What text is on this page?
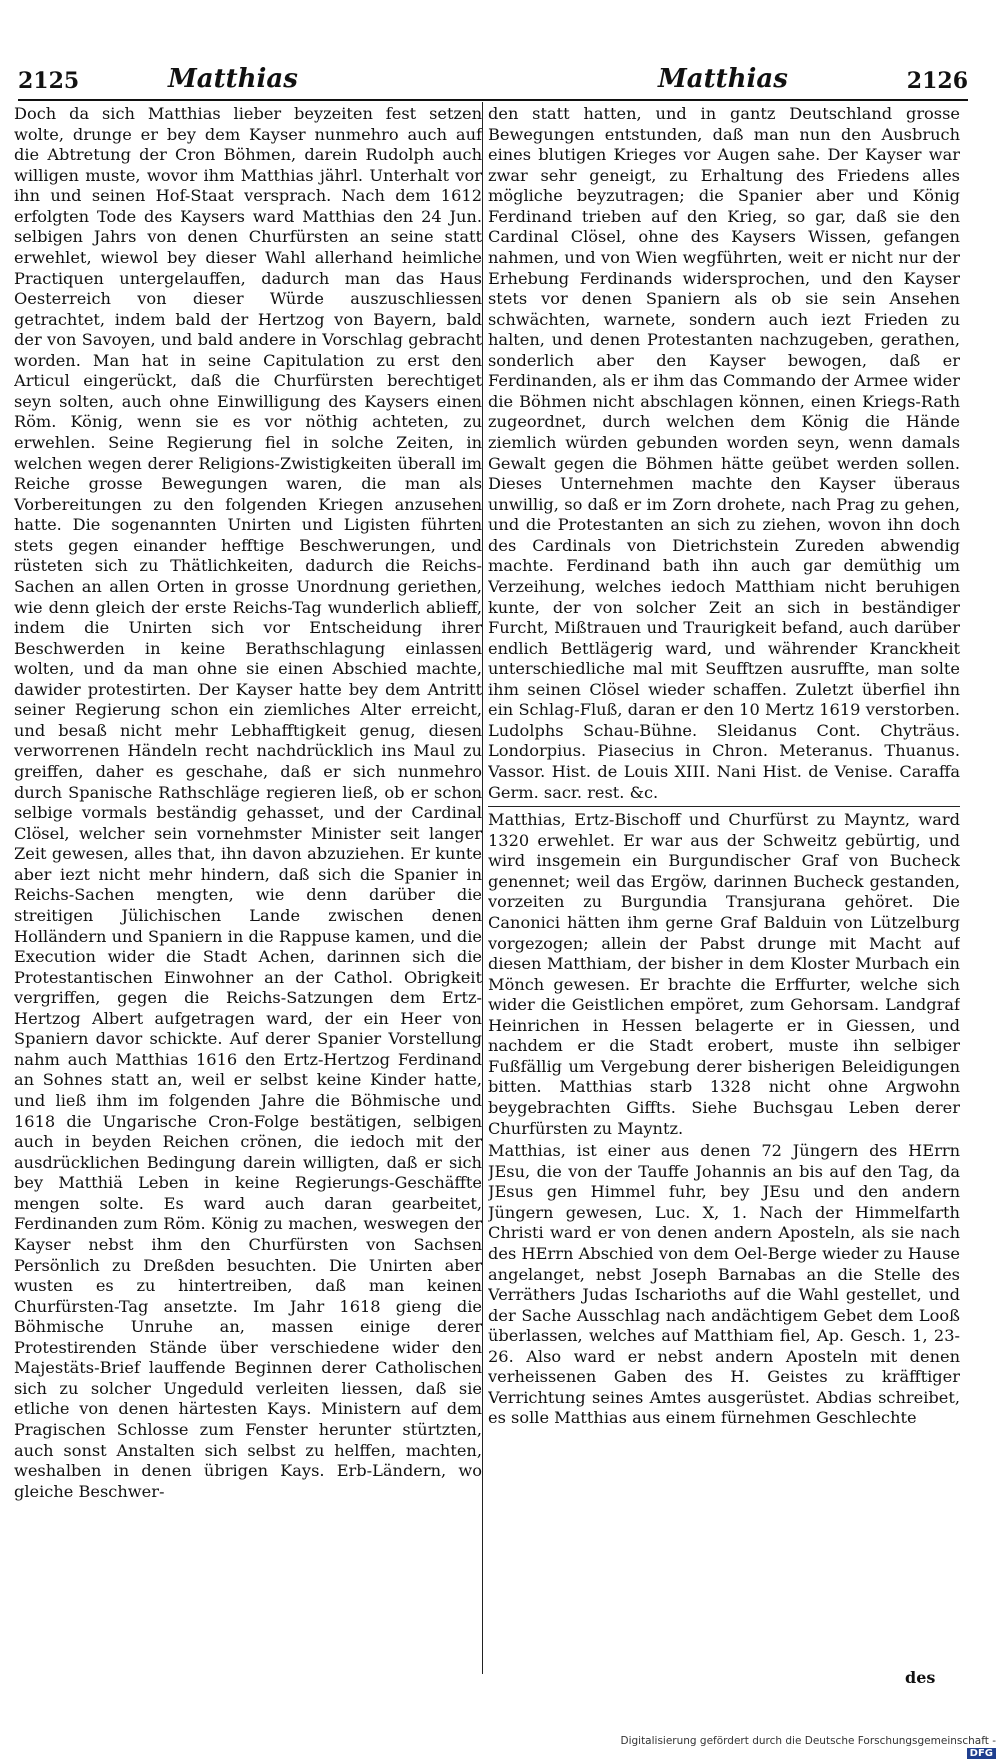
2125	Matthias	Matthias	2126

Doch da sich Matthias lieber beyzeiten fest setzen wolte, drunge er bey dem Kayser nunmehro auch auf die Abtretung der Cron Böhmen, darein Rudolph auch willigen muste, wovor ihm Matthias jährl. Unterhalt vor ihn und seinen Hof-Staat versprach. Nach dem 1612 erfolgten Tode des Kaysers ward Matthias den 24 Jun. selbigen Jahrs von denen Churfürsten an seine statt erwehlet, wiewol bey dieser Wahl allerhand heimliche Practiquen untergelauffen, dadurch man das Haus Oesterreich von dieser Würde auszuschliessen getrachtet, indem bald der Hertzog von Bayern, bald der von Savoyen, und bald andere in Vorschlag gebracht worden. Man hat in seine Capitulation zu erst den Articul eingerückt, daß die Churfürsten berechtiget seyn solten, auch ohne Einwilligung des Kaysers einen Röm. König, wenn sie es vor nöthig achteten, zu erwehlen. Seine Regierung fiel in solche Zeiten, in welchen wegen derer Religions-Zwistigkeiten überall im Reiche grosse Bewegungen waren, die man als Vorbereitungen zu den folgenden Kriegen anzusehen hatte. Die sogenannten Unirten und Ligisten führten stets gegen einander hefftige Beschwerungen, und rüsteten sich zu Thätlichkeiten, dadurch die Reichs-Sachen an allen Orten in grosse Unordnung geriethen, wie denn gleich der erste Reichs-Tag wunderlich ablieff, indem die Unirten sich vor Entscheidung ihrer Beschwerden in keine Berathschlagung einlassen wolten, und da man ohne sie einen Abschied machte, dawider protestirten. Der Kayser hatte bey dem Antritt seiner Regierung schon ein ziemliches Alter erreicht, und besaß nicht mehr Lebhafftigkeit genug, diesen verworrenen Händeln recht nachdrücklich ins Maul zu greiffen, daher es geschahe, daß er sich nunmehro durch Spanische Rathschläge regieren ließ, ob er schon selbige vormals beständig gehasset, und der Cardinal Clösel, welcher sein vornehmster Minister seit langer Zeit gewesen, alles that, ihn davon abzuziehen. Er kunte aber iezt nicht mehr hindern, daß sich die Spanier in Reichs-Sachen mengten, wie denn darüber die streitigen Jülichischen Lande zwischen denen Holländern und Spaniern in die Rappuse kamen, und die Execution wider die Stadt Achen, darinnen sich die Protestantischen Einwohner an der Cathol. Obrigkeit vergriffen, gegen die Reichs-Satzungen dem Ertz-Hertzog Albert aufgetragen ward, der ein Heer von Spaniern davor schickte. Auf derer Spanier Vorstellung nahm auch Matthias 1616 den Ertz-Hertzog Ferdinand an Sohnes statt an, weil er selbst keine Kinder hatte, und ließ ihm im folgenden Jahre die Böhmische und 1618 die Ungarische Cron-Folge bestätigen, selbigen auch in beyden Reichen crönen, die iedoch mit der ausdrücklichen Bedingung darein willigten, daß er sich bey Matthiä Leben in keine Regierungs-Geschäffte mengen solte. Es ward auch daran gearbeitet, Ferdinanden zum Röm. König zu machen, weswegen der Kayser nebst ihm den Churfürsten von Sachsen Persönlich zu Dreßden besuchten. Die Unirten aber wusten es zu hintertreiben, daß man keinen Churfürsten-Tag ansetzte. Im Jahr 1618 gieng die Böhmische Unruhe an, massen einige derer Protestirenden Stände über verschiedene wider den Majestäts-Brief lauffende Beginnen derer Catholischen sich zu solcher Ungeduld verleiten liessen, daß sie etliche von denen härtesten Kays. Ministern auf dem Pragischen Schlosse zum Fenster herunter stürtzten, auch sonst Anstalten sich selbst zu helffen, machten, weshalben in denen übrigen Kays. Erb-Ländern, wo gleiche Beschwer-

den statt hatten, und in gantz Deutschland grosse Bewegungen entstunden, daß man nun den Ausbruch eines blutigen Krieges vor Augen sahe. Der Kayser war zwar sehr geneigt, zu Erhaltung des Friedens alles mögliche beyzutragen; die Spanier aber und König Ferdinand trieben auf den Krieg, so gar, daß sie den Cardinal Clösel, ohne des Kaysers Wissen, gefangen nahmen, und von Wien wegführten, weit er nicht nur der Erhebung Ferdinands widersprochen, und den Kayser stets vor denen Spaniern als ob sie sein Ansehen schwächten, warnete, sondern auch iezt Frieden zu halten, und denen Protestanten nachzugeben, gerathen, sonderlich aber den Kayser bewogen, daß er Ferdinanden, als er ihm das Commando der Armee wider die Böhmen nicht abschlagen können, einen Kriegs-Rath zugeordnet, durch welchen dem König die Hände ziemlich würden gebunden worden seyn, wenn damals Gewalt gegen die Böhmen hätte geübet werden sollen. Dieses Unternehmen machte den Kayser überaus unwillig, so daß er im Zorn drohete, nach Prag zu gehen, und die Protestanten an sich zu ziehen, wovon ihn doch des Cardinals von Dietrichstein Zureden abwendig machte. Ferdinand bath ihn auch gar demüthig um Verzeihung, welches iedoch Matthiam nicht beruhigen kunte, der von solcher Zeit an sich in beständiger Furcht, Mißtrauen und Traurigkeit befand, auch darüber endlich Bettlägerig ward, und währender Kranckheit unterschiedliche mal mit Seufftzen ausruffte, man solte ihm seinen Clösel wieder schaffen. Zuletzt überfiel ihn ein Schlag-Fluß, daran er den 10 Mertz 1619 verstorben. Ludolphs Schau-Bühne. Sleidanus Cont. Chyträus. Londorpius. Piasecius in Chron. Meteranus. Thuanus. Vassor. Hist. de Louis XIII. Nani Hist. de Venise. Caraffa Germ. sacr. rest. &c.

Matthias, Ertz-Bischoff und Churfürst zu Mayntz, ward 1320 erwehlet. Er war aus der Schweitz gebürtig, und wird insgemein ein Burgundischer Graf von Bucheck genennet; weil das Ergöw, darinnen Bucheck gestanden, vorzeiten zu Burgundia Transjurana gehöret. Die Canonici hätten ihm gerne Graf Balduin von Lützelburg vorgezogen; allein der Pabst drunge mit Macht auf diesen Matthiam, der bisher in dem Kloster Murbach ein Mönch gewesen. Er brachte die Erffurter, welche sich wider die Geistlichen empöret, zum Gehorsam. Landgraf Heinrichen in Hessen belagerte er in Giessen, und nachdem er die Stadt erobert, muste ihn selbiger Fußfällig um Vergebung derer bisherigen Beleidigungen bitten. Matthias starb 1328 nicht ohne Argwohn beygebrachten Giffts. Siehe Buchsgau Leben derer Churfürsten zu Mayntz.

Matthias, ist einer aus denen 72 Jüngern des HErrn JEsu, die von der Tauffe Johannis an bis auf den Tag, da JEsus gen Himmel fuhr, bey JEsu und den andern Jüngern gewesen, Luc. X, 1. Nach der Himmelfarth Christi ward er von denen andern Aposteln, als sie nach des HErrn Abschied von dem Oel-Berge wieder zu Hause angelanget, nebst Joseph Barnabas an die Stelle des Verräthers Judas Ischarioths auf die Wahl gestellet, und der Sache Ausschlag nach andächtigem Gebet dem Looß überlassen, welches auf Matthiam fiel, Ap. Gesch. 1, 23-26. Also ward er nebst andern Aposteln mit denen verheissenen Gaben des H. Geistes zu kräfftiger Verrichtung seines Amtes ausgerüstet. Abdias schreibet, es solle Matthias aus einem fürnehmen Geschlechte

des
Digitalisierung gefördert durch die Deutsche Forschungsgemeinschaft -DFG
